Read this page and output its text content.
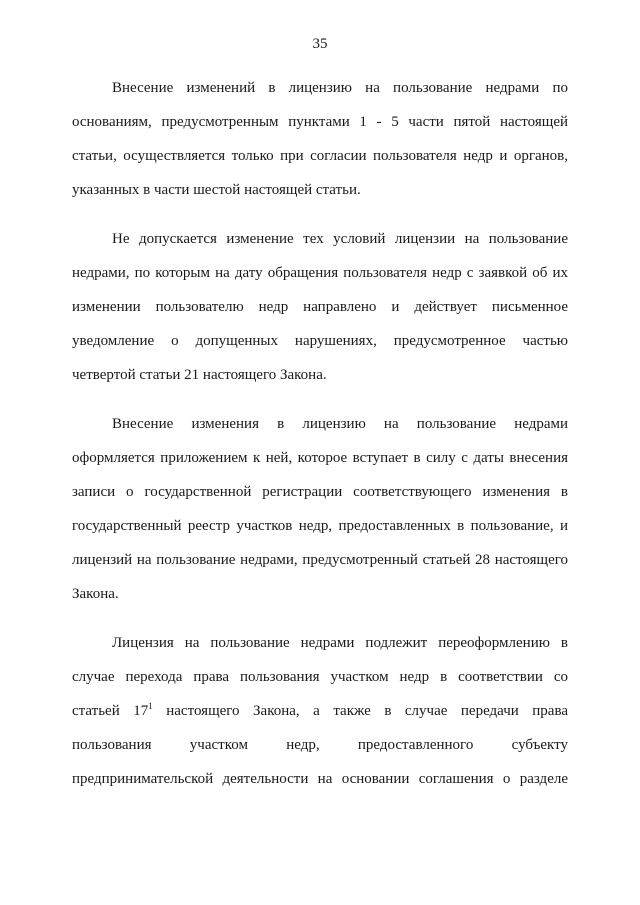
35
Внесение изменений в лицензию на пользование недрами по
основаниям, предусмотренным пунктами 1 - 5 части пятой настоящей
статьи, осуществляется только при согласии пользователя недр и органов,
указанных в части шестой настоящей статьи.
Не допускается изменение тех условий лицензии на пользование
недрами, по которым на дату обращения пользователя недр с заявкой об их
изменении пользователю недр направлено и действует письменное
уведомление о допущенных нарушениях, предусмотренное частью
четвертой статьи 21 настоящего Закона.
Внесение изменения в лицензию на пользование недрами
оформляется приложением к ней, которое вступает в силу с даты внесения
записи о государственной регистрации соответствующего изменения в
государственный реестр участков недр, предоставленных в пользование, и
лицензий на пользование недрами, предусмотренный статьей 28 настоящего
Закона.
Лицензия на пользование недрами подлежит переоформлению в
случае перехода права пользования участком недр в соответствии со
статьей $17^1$ настоящего Закона, а также в случае передачи права
пользования участком недр, предоставленного субъекту
предпринимательской деятельности на основании соглашения о разделе
